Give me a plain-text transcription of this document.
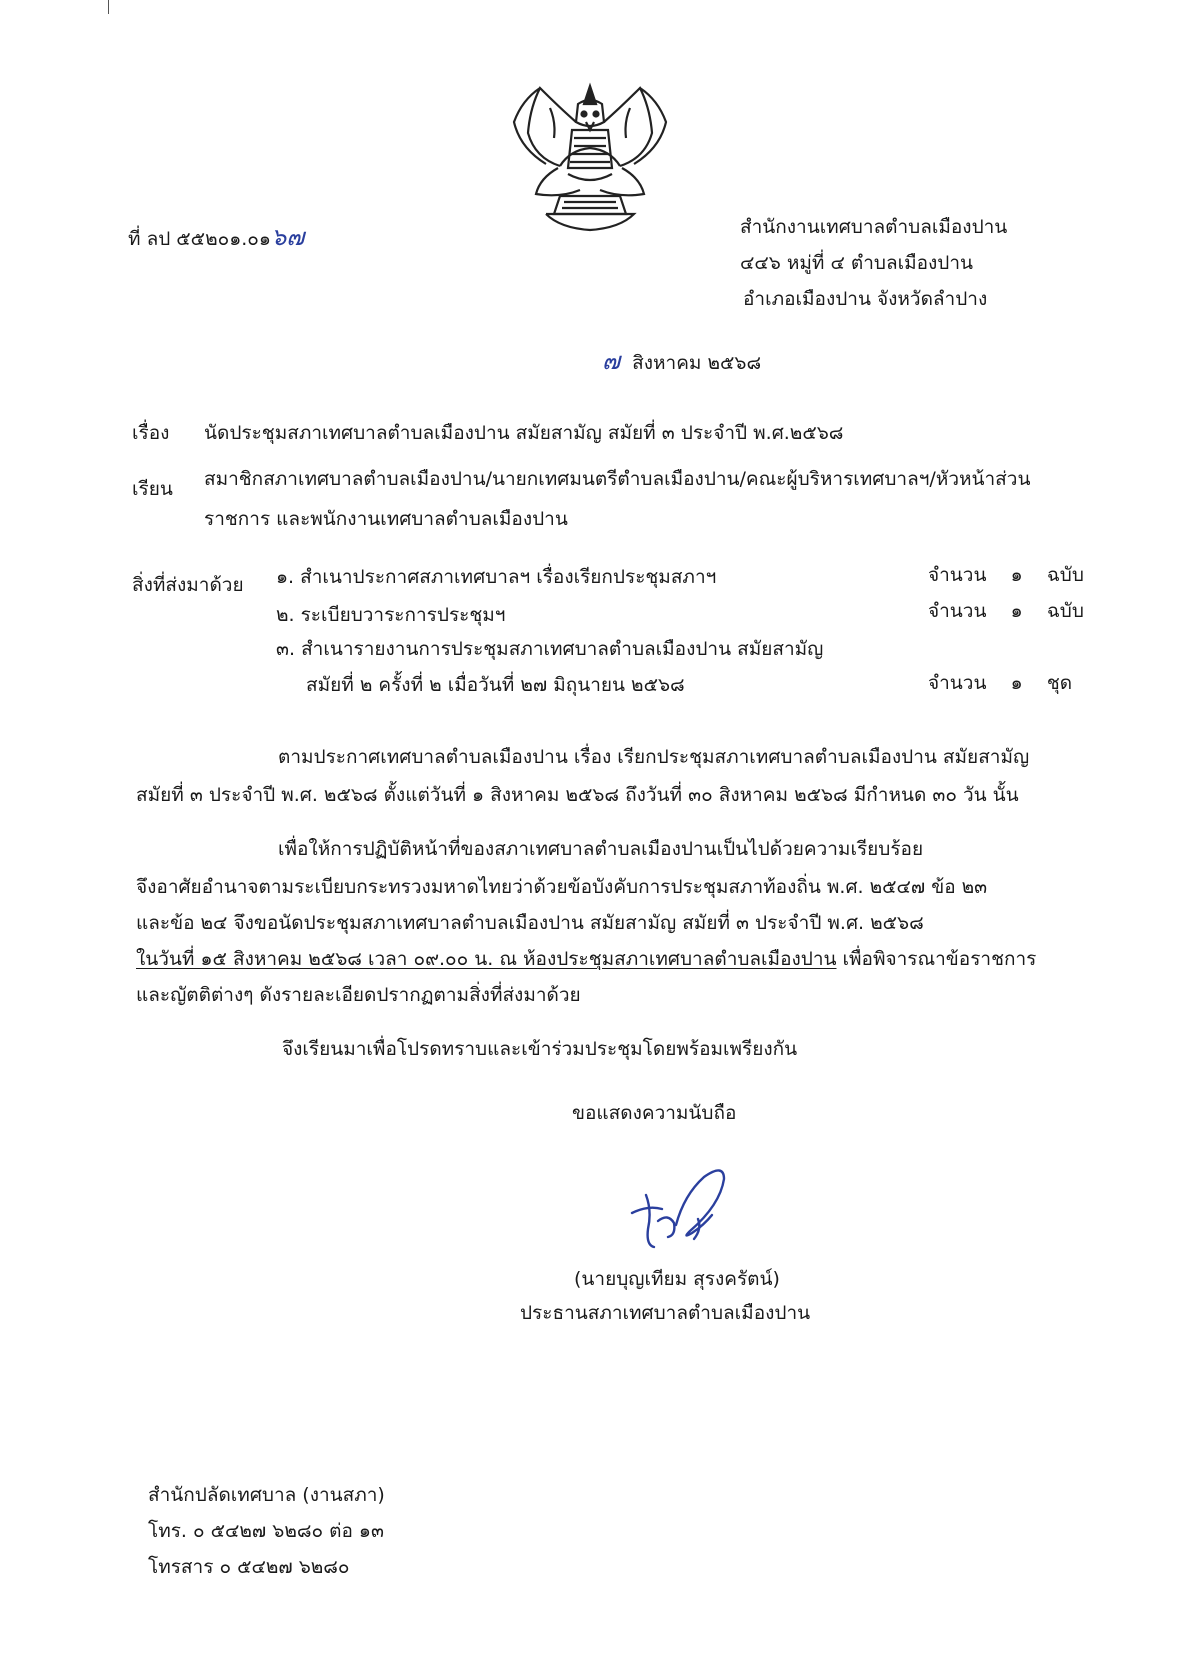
ที่ ลป ๕๕๒๐๑.๐๑๖๗	สำนักงานเทศบาลตำบลเมืองปาน
๔๔๖ หมู่ที่ ๔ ตำบลเมืองปาน
อำเภอเมืองปาน จังหวัดลำปาง
๗ สิงหาคม ๒๕๖๘
เรื่อง นัดประชุมสภาเทศบาลตำบลเมืองปาน สมัยสามัญ สมัยที่ ๓ ประจำปี พ.ศ.๒๕๖๘
เรียน สมาชิกสภาเทศบาลตำบลเมืองปาน/นายกเทศมนตรีตำบลเมืองปาน/คณะผู้บริหารเทศบาลฯ/หัวหน้าส่วน
ราชการ และพนักงานเทศบาลตำบลเมืองปาน
สิ่งที่ส่งมาด้วย ๑. สำเนาประกาศสภาเทศบาลฯ เรื่องเรียกประชุมสภาฯ	จำนวน ๑ ฉบับ
๒. ระเบียบวาระการประชุมฯ	จำนวน ๑ ฉบับ
๓. สำเนารายงานการประชุมสภาเทศบาลตำบลเมืองปาน สมัยสามัญ
สมัยที่ ๒ ครั้งที่ ๒ เมื่อวันที่ ๒๗ มิถุนายน ๒๕๖๘	จำนวน ๑ ชุด
ตามประกาศเทศบาลตำบลเมืองปาน เรื่อง เรียกประชุมสภาเทศบาลตำบลเมืองปาน สมัยสามัญ
สมัยที่ ๓ ประจำปี พ.ศ. ๒๕๖๘ ตั้งแต่วันที่ ๑ สิงหาคม ๒๕๖๘ ถึงวันที่ ๓๐ สิงหาคม ๒๕๖๘ มีกำหนด ๓๐ วัน นั้น
เพื่อให้การปฏิบัติหน้าที่ของสภาเทศบาลตำบลเมืองปานเป็นไปด้วยความเรียบร้อย
จึงอาศัยอำนาจตามระเบียบกระทรวงมหาดไทยว่าด้วยข้อบังคับการประชุมสภาท้องถิ่น พ.ศ. ๒๕๔๗ ข้อ ๒๓
และข้อ ๒๔ จึงขอนัดประชุมสภาเทศบาลตำบลเมืองปาน สมัยสามัญ สมัยที่ ๓ ประจำปี พ.ศ. ๒๕๖๘
ในวันที่ ๑๕ สิงหาคม ๒๕๖๘ เวลา ๐๙.๐๐ น. ณ ห้องประชุมสภาเทศบาลตำบลเมืองปาน เพื่อพิจารณาข้อราชการ
และญัตติต่างๆ ดังรายละเอียดปรากฏตามสิ่งที่ส่งมาด้วย
จึงเรียนมาเพื่อโปรดทราบและเข้าร่วมประชุมโดยพร้อมเพรียงกัน
ขอแสดงความนับถือ
(นายบุญเทียม สุรงครัตน์)
ประธานสภาเทศบาลตำบลเมืองปาน
สำนักปลัดเทศบาล (งานสภา)
โทร. ๐ ๕๔๒๗ ๖๒๘๐ ต่อ ๑๓
โทรสาร ๐ ๕๔๒๗ ๖๒๘๐
